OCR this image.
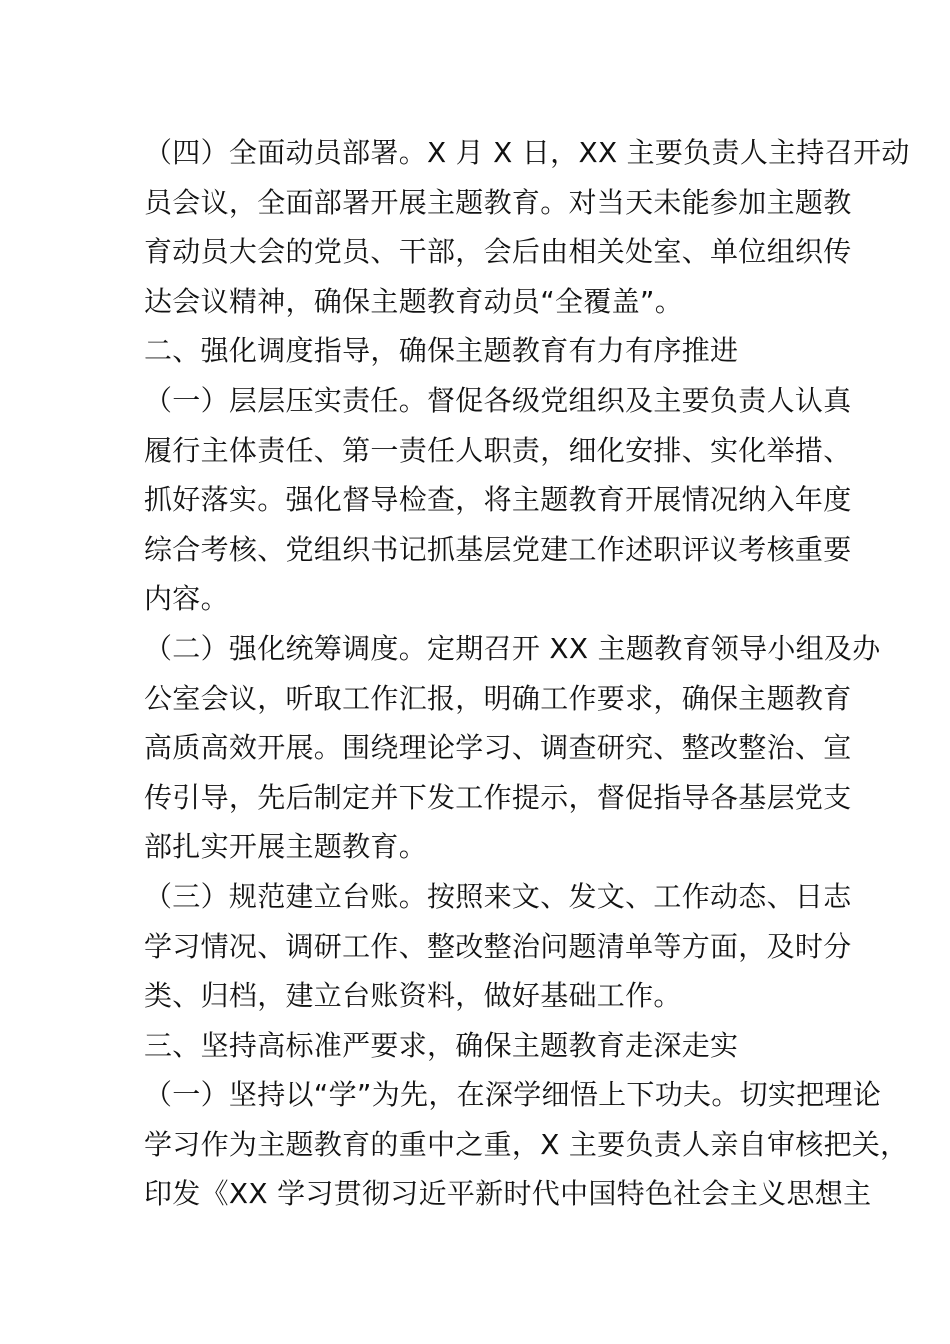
（四）全面动员部署。X 月 X 日，XX 主要负责人主持召开动
员会议，全面部署开展主题教育。对当天未能参加主题教
育动员大会的党员、干部，会后由相关处室、单位组织传
达会议精神，确保主题教育动员“全覆盖”。
二、强化调度指导，确保主题教育有力有序推进
（一）层层压实责任。督促各级党组织及主要负责人认真
履行主体责任、第一责任人职责，细化安排、实化举措、
抓好落实。强化督导检查，将主题教育开展情况纳入年度
综合考核、党组织书记抓基层党建工作述职评议考核重要
内容。
（二）强化统筹调度。定期召开 XX 主题教育领导小组及办
公室会议，听取工作汇报，明确工作要求，确保主题教育
高质高效开展。围绕理论学习、调查研究、整改整治、宣
传引导，先后制定并下发工作提示，督促指导各基层党支
部扎实开展主题教育。
（三）规范建立台账。按照来文、发文、工作动态、日志
学习情况、调研工作、整改整治问题清单等方面，及时分
类、归档，建立台账资料，做好基础工作。
三、坚持高标准严要求，确保主题教育走深走实
（一）坚持以“学”为先，在深学细悟上下功夫。切实把理论
学习作为主题教育的重中之重，X 主要负责人亲自审核把关，
印发《XX 学习贯彻习近平新时代中国特色社会主义思想主
